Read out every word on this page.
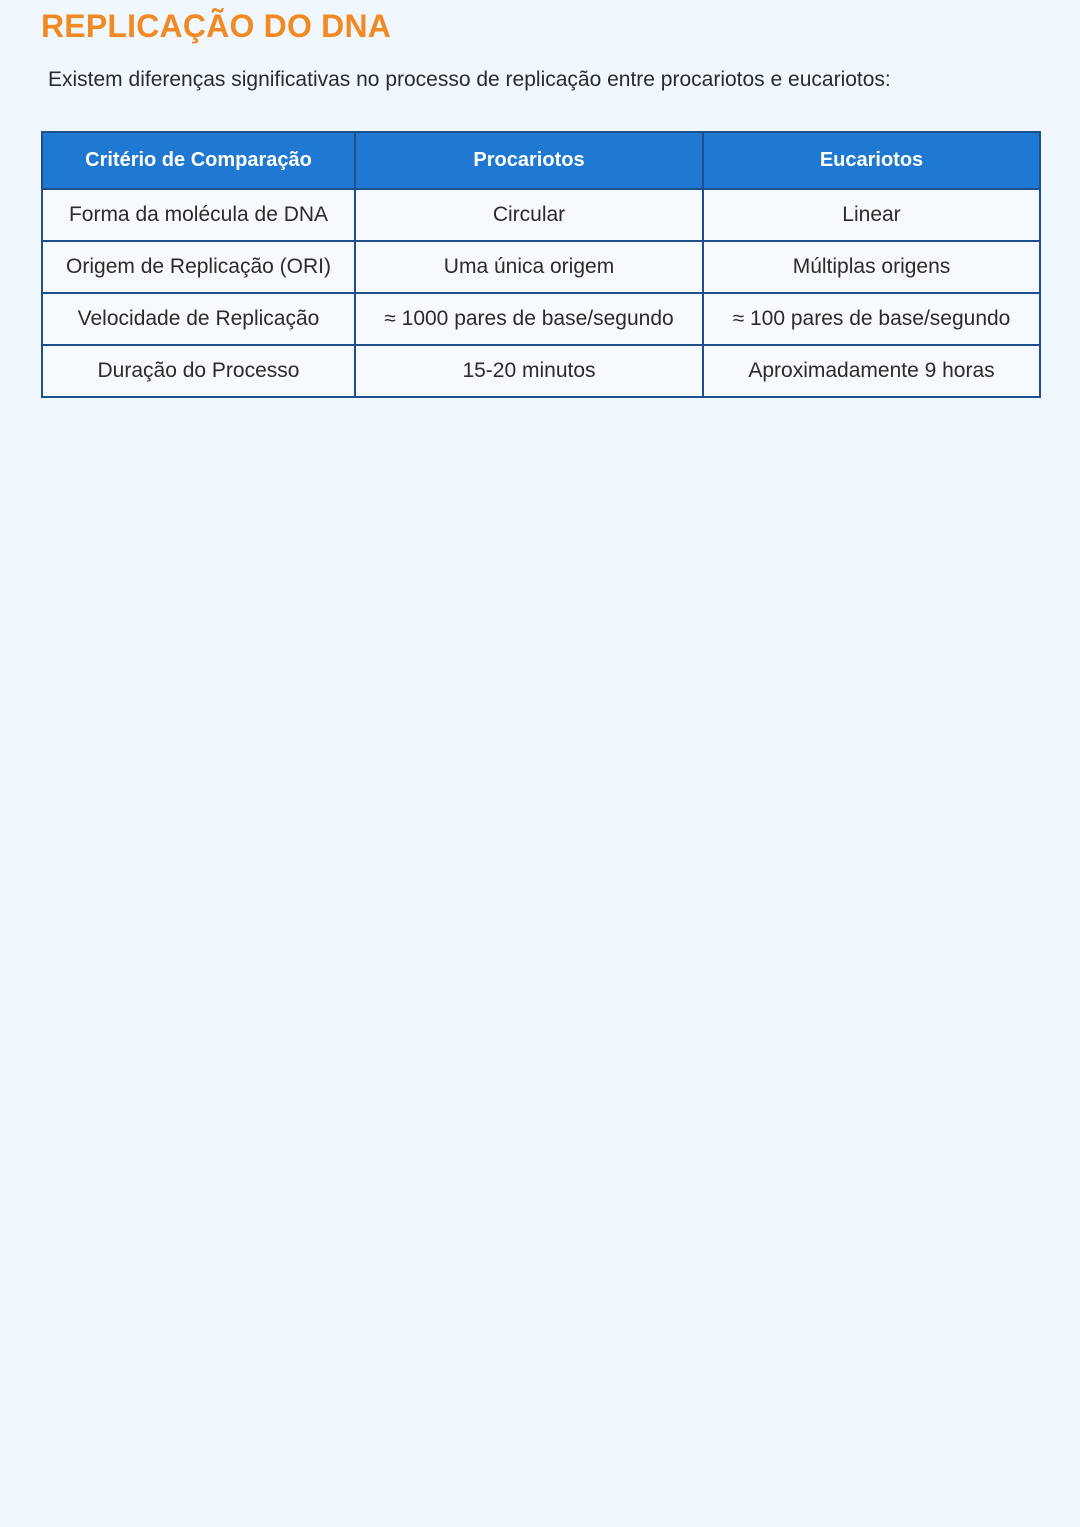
REPLICAÇÃO DO DNA

Existem diferenças significativas no processo de replicação entre procariotos e eucariotos:

Critério de Comparação	Procariotos	Eucariotos
Forma da molécula de DNA	Circular	Linear
Origem de Replicação (ORI)	Uma única origem	Múltiplas origens
Velocidade de Replicação	≈ 1000 pares de base/segundo	≈ 100 pares de base/segundo
Duração do Processo	15-20 minutos	Aproximadamente 9 horas
